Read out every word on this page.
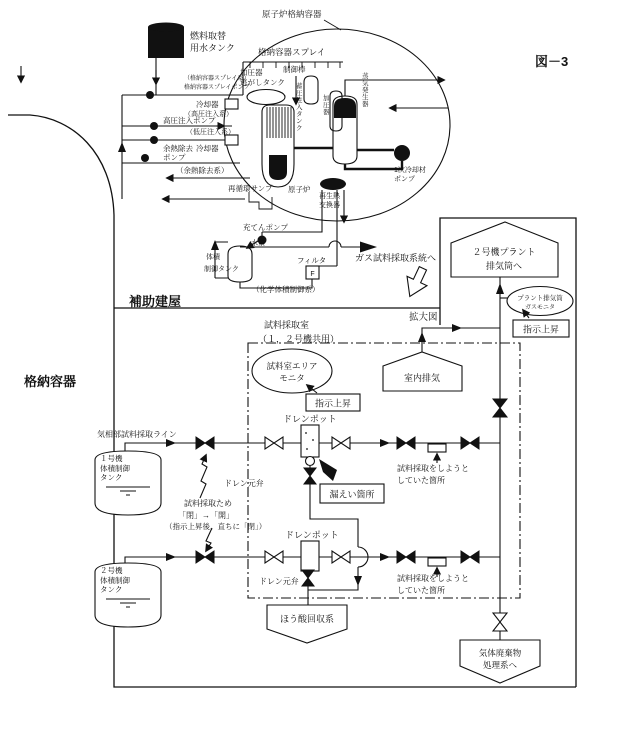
格納容器
補助建屋
図－3
原子炉格納容器
燃料取替
用水タンク	格納容器スプレイ
（格納容器スプレイ系）
格納容器スプレイポンプ
冷却器
（高圧注入系）
高圧注入ポンプ
（低圧注入系）
冷却器
余熱除去
ポンプ
（余熱除去系）
加圧器
逃がしタンク
制御棒
蓄圧注入タンク
加圧器
蒸気発生器
原子炉
1次冷却材
ポンプ
再循環サンプ
再生熱
交換器
充てんポンプ
水素
体積
制御タンク
フィルタ
F
（化学体積制御系）
ガス試料採取系統へ
拡大図
２号機プラント
排気筒へ
プラント排気筒
ガスモニタ
指示上昇
試料採取室
（１，２号機共用）
試料室エリア
モニタ
指示上昇
室内排気
気相部試料採取ライン
１号機
体積制御
タンク
ドレンポット
ドレン元弁
漏えい箇所
試料採取をしようと
していた箇所
試料採取ため
「閉」→「開」
（指示上昇後、直ちに「閉」）
２号機
体積制御
タンク
ドレンポット
試料採取をしようと
していた箇所
ドレン元弁
ほう酸回収系
気体廃棄物
処理系へ
